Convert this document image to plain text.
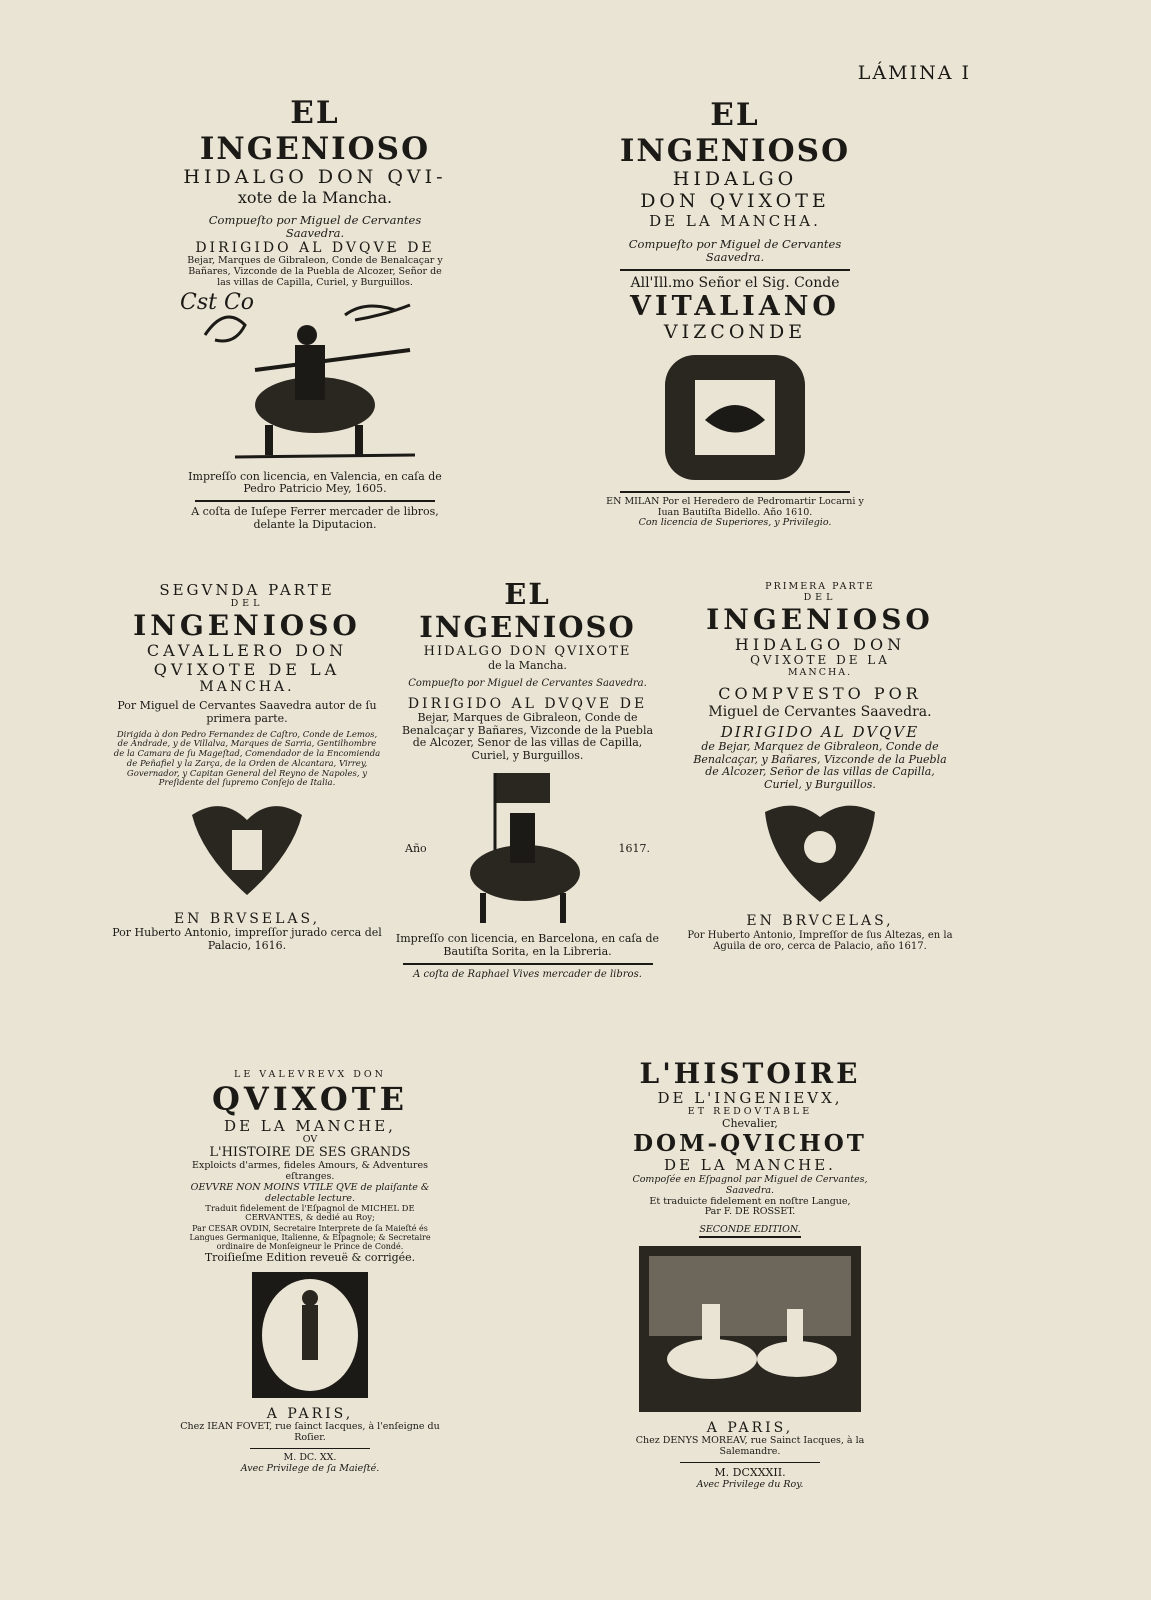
LÁMINA I
EL INGENIOSO
HIDALGO DON QVI-
xote de la Mancha.
Compueſto por Miguel de Cervantes Saavedra.
DIRIGIDO AL DVQVE DE
Bejar, Marques de Gibraleon, Conde de Benalcaçar y Bañares, Vizconde de la Puebla de Alcozer, Señor de las villas de Capilla, Curiel, y Burguillos.
Impreſſo con licencia, en Valencia, en caſa de Pedro Patricio Mey, 1605.
A coſta de Iuſepe Ferrer mercader de libros, delante la Diputacion.
Cst Co
EL INGENIOSO
HIDALGO
DON QVIXOTE
DE LA MANCHA.
Compueſto por Miguel de Cervantes Saavedra.
All'Ill.mo Señor el Sig. Conde
VITALIANO
VIZCONDE
EN MILAN Por el Heredero de Pedromartir Locarni y Iuan Bautiſta Bidello. Año 1610.
Con licencia de Superiores, y Privilegio.
SEGVNDA PARTE
DEL
INGENIOSO
CAVALLERO DON
QVIXOTE DE LA
MANCHA.
Por Miguel de Cervantes Saavedra autor de ſu primera parte.
Dirigida à don Pedro Fernandez de Caſtro, Conde de Lemos, de Andrade, y de Villalva, Marques de Sarria, Gentilhombre de la Camara de ſu Mageſtad, Comendador de la Encomienda de Peñafiel y la Zarça, de la Orden de Alcantara, Virrey, Governador, y Capitan General del Reyno de Napoles, y Preſidente del ſupremo Conſejo de Italia.
EN BRVSELAS,
Por Huberto Antonio, impreſſor jurado cerca del Palacio, 1616.
EL INGENIOSO
HIDALGO DON QVIXOTE
de la Mancha.
Compueſto por Miguel de Cervantes Saavedra.
DIRIGIDO AL DVQVE DE
Bejar, Marques de Gibraleon, Conde de Benalcaçar y Bañares, Vizconde de la Puebla de Alcozer, Senor de las villas de Capilla, Curiel, y Burguillos.
Año	1617.
Impreſſo con licencia, en Barcelona, en caſa de Bautiſta Sorita, en la Libreria.
A coſta de Raphael Vives mercader de libros.
PRIMERA PARTE
DEL
INGENIOSO
HIDALGO DON
QVIXOTE DE LA
MANCHA.
COMPVESTO POR
Miguel de Cervantes Saavedra.
DIRIGIDO AL DVQVE
de Bejar, Marquez de Gibraleon, Conde de Benalcaçar, y Bañares, Vizconde de la Puebla de Alcozer, Señor de las villas de Capilla, Curiel, y Burguillos.
EN BRVCELAS,
Por Huberto Antonio, Impreſſor de ſus Altezas, en la Aguila de oro, cerca de Palacio, año 1617.
LE VALEVREVX DON
QVIXOTE
DE LA MANCHE,
OV
L'HISTOIRE DE SES GRANDS
Exploicts d'armes, fideles Amours, & Adventures eſtranges.
OEVVRE NON MOINS VTILE QVE de plaiſante & delectable lecture.
Traduit fidelement de l'Eſpagnol de MICHEL DE CERVANTES, & dedié au Roy;
Par CESAR OVDIN, Secretaire Interprete de ſa Maieſté és Langues Germanique, Italienne, & Eſpagnole; & Secretaire ordinaire de Monſeigneur le Prince de Condé.
Troiſieſme Edition reveuë & corrigée.
A PARIS,
Chez IEAN FOVET, rue ſainct Iacques, à l'enſeigne du Roſier.
M. DC. XX.
Avec Privilege de ſa Maieſté.
L'HISTOIRE
DE L'INGENIEVX,
ET REDOVTABLE
Chevalier,
DOM-QVICHOT
DE LA MANCHE.
Compoſée en Eſpagnol par Miguel de Cervantes, Saavedra.
Et traduicte fidelement en noſtre Langue,
Par F. DE ROSSET.
SECONDE EDITION.
A PARIS,
Chez DENYS MOREAV, rue Sainct Iacques, à la Salemandre.
M. DCXXXII.
Avec Privilege du Roy.
